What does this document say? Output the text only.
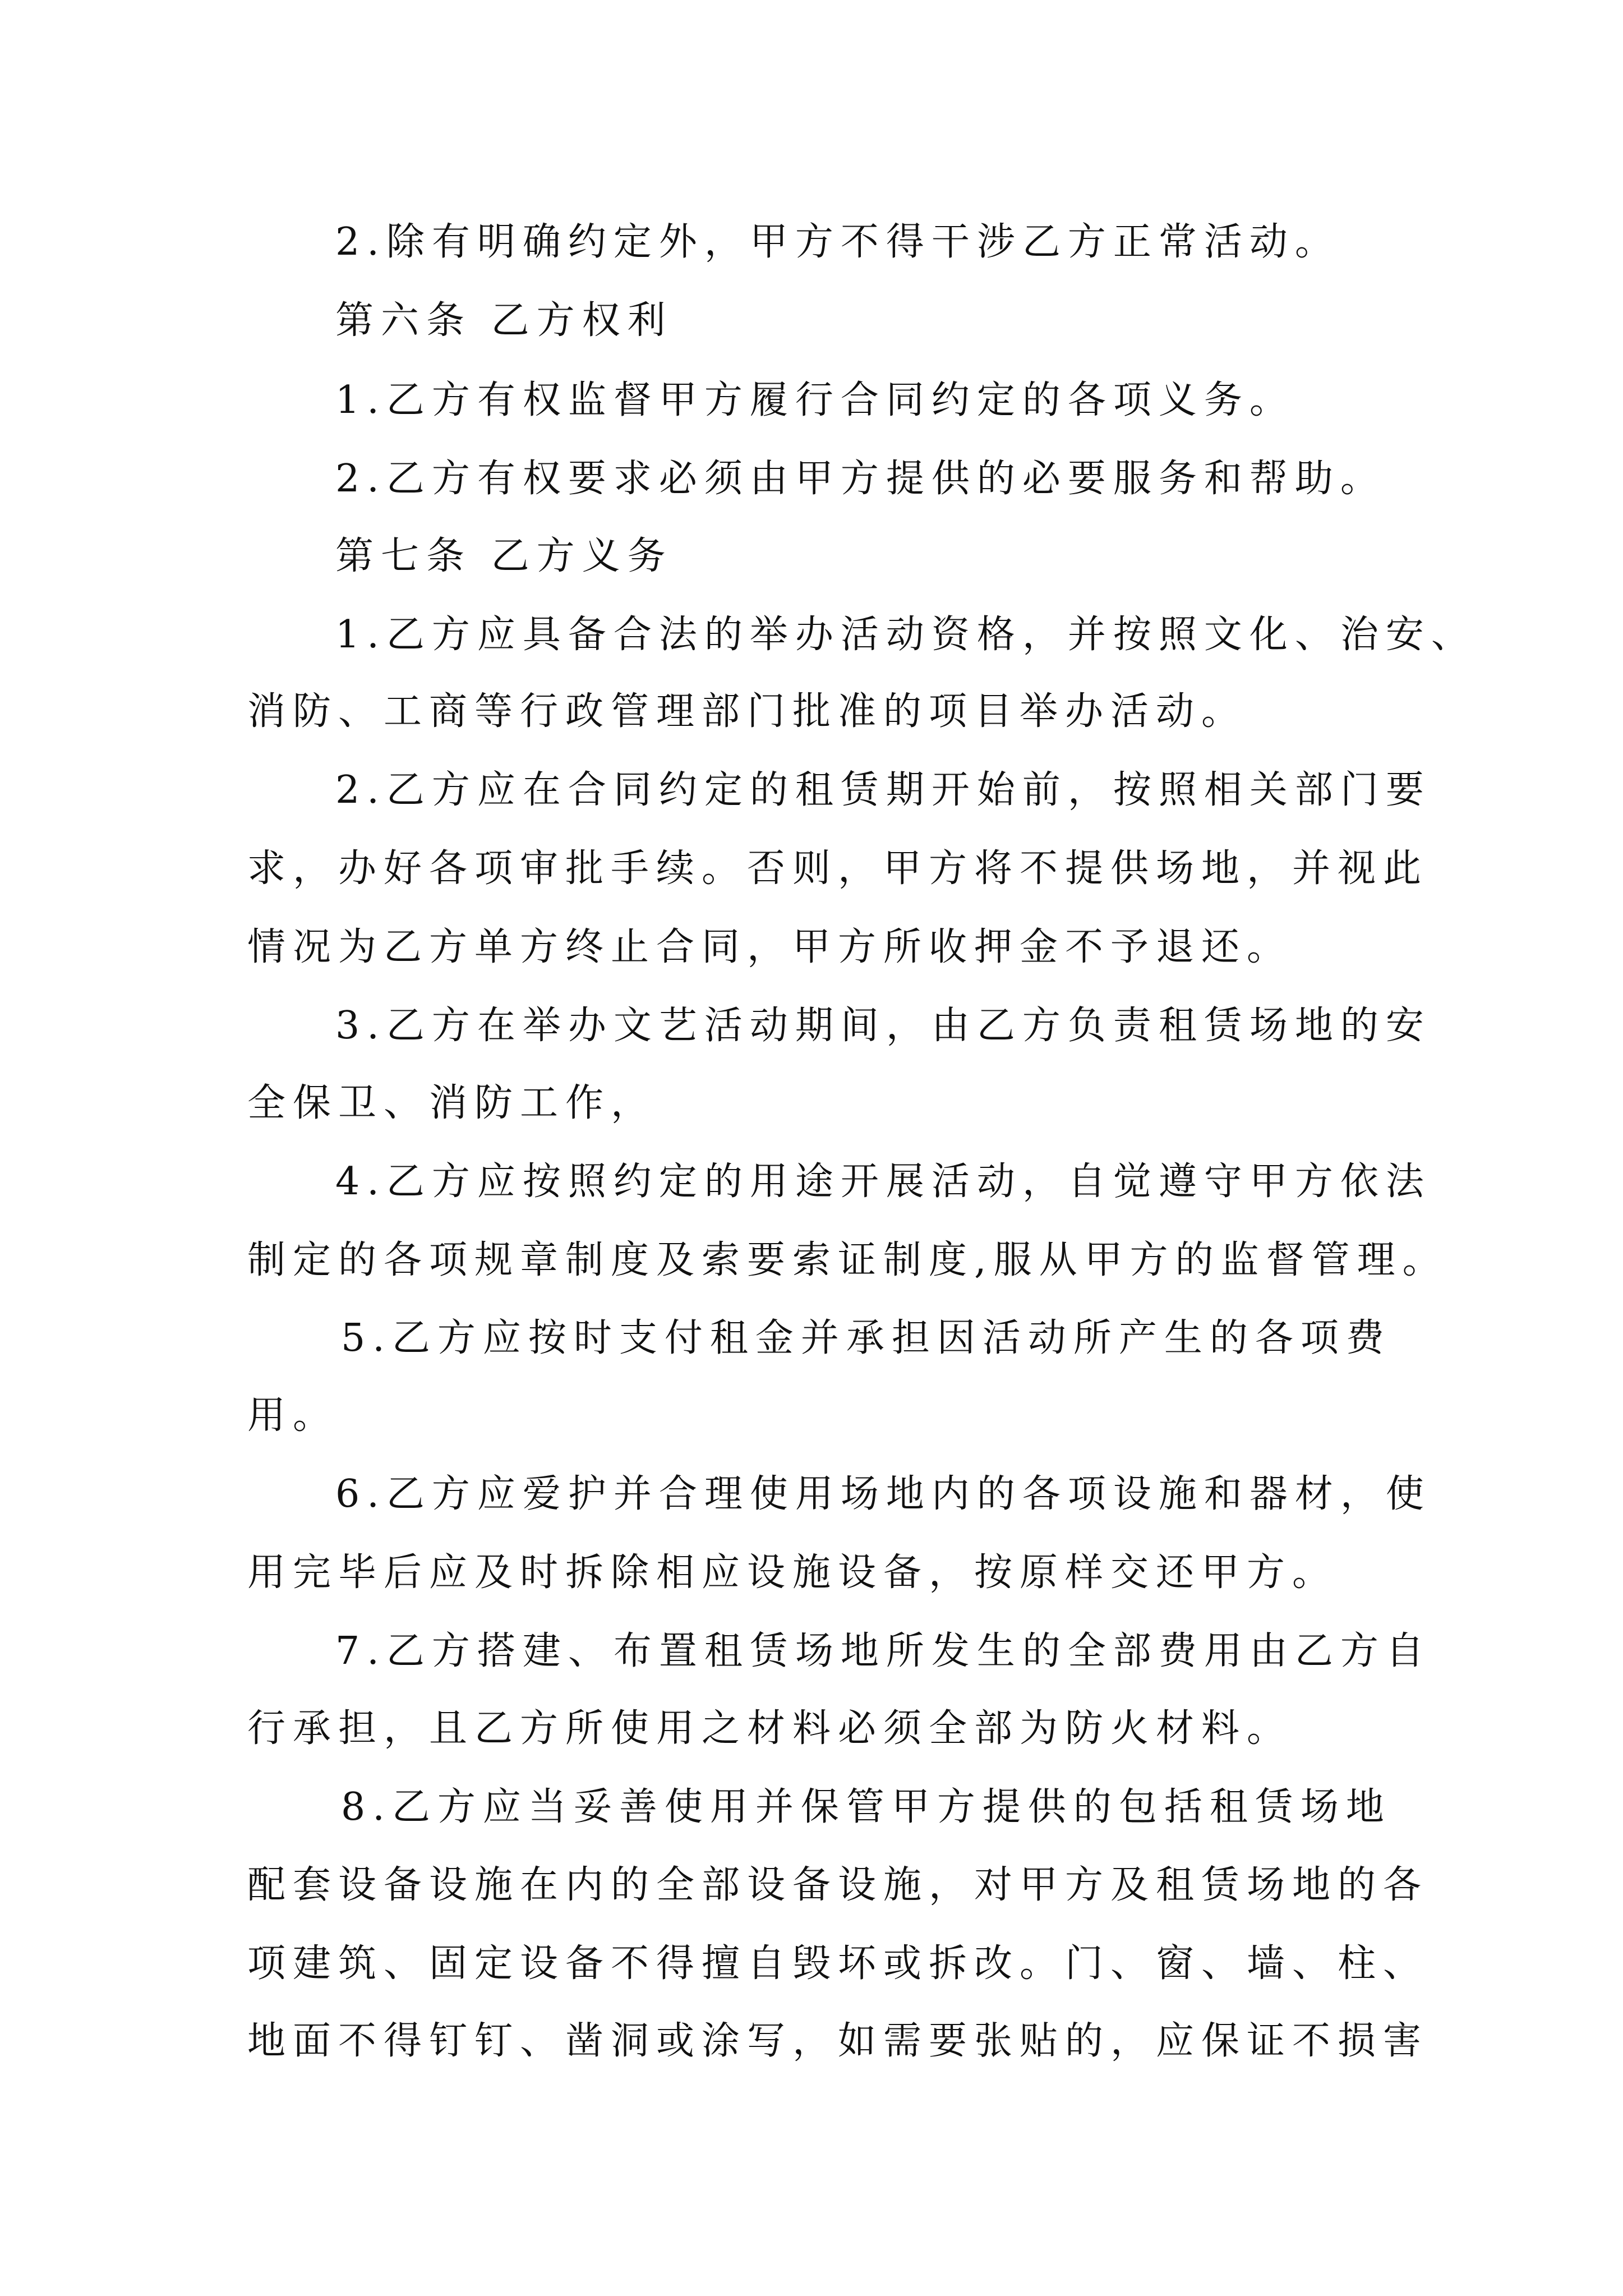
2.除有明确约定外，甲方不得干涉乙方正常活动。
第六条 乙方权利
1.乙方有权监督甲方履行合同约定的各项义务。
2.乙方有权要求必须由甲方提供的必要服务和帮助。
第七条 乙方义务
1.乙方应具备合法的举办活动资格，并按照文化、治安、
消防、工商等行政管理部门批准的项目举办活动。
2.乙方应在合同约定的租赁期开始前，按照相关部门要
求，办好各项审批手续。否则，甲方将不提供场地，并视此
情况为乙方单方终止合同，甲方所收押金不予退还。
3.乙方在举办文艺活动期间，由乙方负责租赁场地的安
全保卫、消防工作，
4.乙方应按照约定的用途开展活动，自觉遵守甲方依法
制定的各项规章制度及索要索证制度,服从甲方的监督管理。
5.乙方应按时支付租金并承担因活动所产生的各项费
用。
6.乙方应爱护并合理使用场地内的各项设施和器材，使
用完毕后应及时拆除相应设施设备，按原样交还甲方。
7.乙方搭建、布置租赁场地所发生的全部费用由乙方自
行承担，且乙方所使用之材料必须全部为防火材料。
8.乙方应当妥善使用并保管甲方提供的包括租赁场地
配套设备设施在内的全部设备设施，对甲方及租赁场地的各
项建筑、固定设备不得擅自毁坏或拆改。门、窗、墙、柱、
地面不得钉钉、凿洞或涂写，如需要张贴的，应保证不损害
